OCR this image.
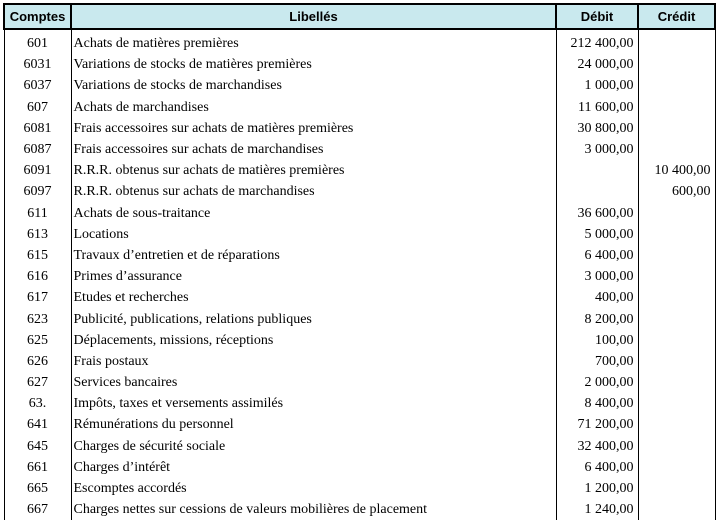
Comptes	Libellés	Débit	Crédit
601	Achats de matières premières	212 400,00	
6031	Variations de stocks de matières premières	24 000,00	
6037	Variations de stocks de marchandises	1 000,00	
607	Achats de marchandises	11 600,00	
6081	Frais accessoires sur achats de matières premières	30 800,00	
6087	Frais accessoires sur achats de marchandises	3 000,00	
6091	R.R.R. obtenus sur achats de matières premières		10 400,00
6097	R.R.R. obtenus sur achats de marchandises		600,00
611	Achats de sous-traitance	36 600,00	
613	Locations	5 000,00	
615	Travaux d’entretien et de réparations	6 400,00	
616	Primes d’assurance	3 000,00	
617	Etudes et recherches	400,00	
623	Publicité, publications, relations publiques	8 200,00	
625	Déplacements, missions, réceptions	100,00	
626	Frais postaux	700,00	
627	Services bancaires	2 000,00	
63.	Impôts, taxes et versements assimilés	8 400,00	
641	Rémunérations du personnel	71 200,00	
645	Charges de sécurité sociale	32 400,00	
661	Charges d’intérêt	6 400,00	
665	Escomptes accordés	1 200,00	
667	Charges nettes sur cessions de valeurs mobilières de placement	1 240,00	
